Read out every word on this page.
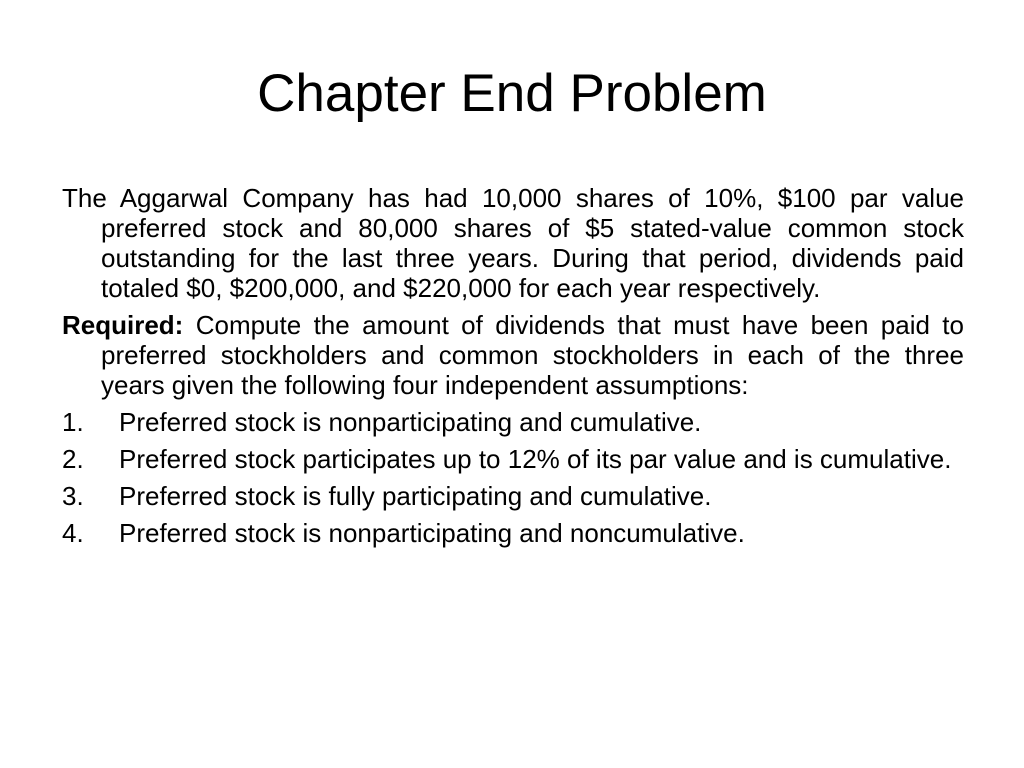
Chapter End Problem

The Aggarwal Company has had 10,000 shares of 10%, $100 par value preferred stock and 80,000 shares of $5 stated-value common stock outstanding for the last three years. During that period, dividends paid totaled $0, $200,000, and $220,000 for each year respectively.

Required: Compute the amount of dividends that must have been paid to preferred stockholders and common stockholders in each of the three years given the following four independent assumptions:

1. Preferred stock is nonparticipating and cumulative.
2. Preferred stock participates up to 12% of its par value and is cumulative.
3. Preferred stock is fully participating and cumulative.
4. Preferred stock is nonparticipating and noncumulative.
